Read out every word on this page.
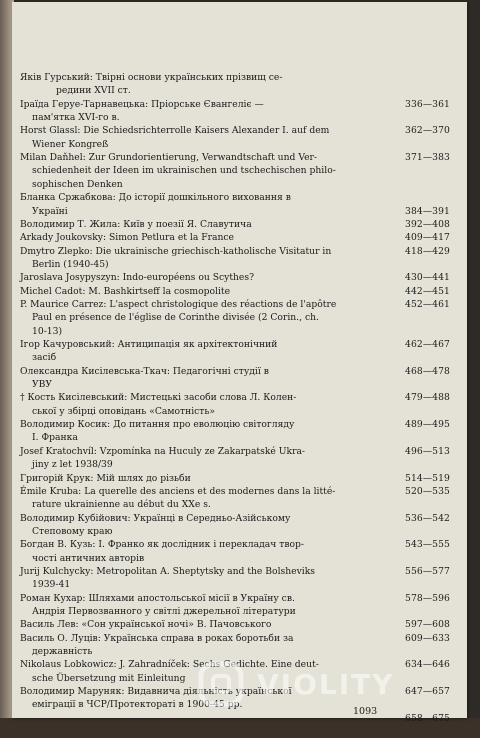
Яків Гурський: Твірні основи українських прізвищ се-
редини XVII ст.
Іраїда Геруе-Тарнавецька: Пріорське Євангеліє —	336—361
пам'ятка XVI-го в.
Horst Glassl: Die Schiedsrichterrolle Kaisers Alexander I. auf dem	362—370
Wiener Kongreß
Milan Daňhel: Zur Grundorientierung, Verwandtschaft und Ver-	371—383
schiedenheit der Ideen im ukrainischen und tschechischen philo-
sophischen Denken
Бланка Сржабкова: До історії дошкільного виховання в
Україні	384—391
Володимир Т. Жила: Київ у поезії Я. Славутича	392—408
Arkady Joukovsky: Simon Petlura et la France	409—417
Dmytro Zlepko: Die ukrainische griechisch-katholische Visitatur in	418—429
Berlin (1940-45)
Jaroslava Josypyszyn: Indo-européens ou Scythes?	430—441
Michel Cadot: M. Bashkirtseff la cosmopolite	442—451
P. Maurice Carrez: L'aspect christologique des réactions de l'apôtre	452—461
Paul en présence de l'église de Corinthe divisée (2 Corin., ch.
10-13)
Ігор Качуровський: Антиципація як архітектонічний	462—467
засіб
Олександра Кисілевська-Ткач: Педагогічні студії в	468—478
УВУ
† Кость Кисілевський: Мистецькі засоби слова Л. Колен-	479—488
ської у збірці оповідань «Самотність»
Володимир Косик: До питання про еволюцію світогляду	489—495
І. Франка
Josef Kratochvíl: Vzpomínka na Huculy ze Zakarpatské Ukra-	496—513
jiny z let 1938/39
Григорій Крук: Мій шлях до різьби	514—519
Émile Kruba: La querelle des anciens et des modernes dans la litté-	520—535
rature ukrainienne au début du XXe s.
Володимир Кубійович: Українці в Середньо-Азійському	536—542
Степовому краю
Богдан В. Кузь: І. Франко як дослідник і перекладач твор-	543—555
чості античних авторів
Jurij Kulchycky: Metropolitan A. Sheptytsky and the Bolsheviks	556—577
1939-41
Роман Кухар: Шляхами апостольської місії в Україну св.	578—596
Андрія Первозванного у світлі джерельної літератури
Василь Лев: «Сон української ночі» В. Пачовського	597—608
Василь О. Луців: Українська справа в роках боротьби за	609—633
державність
Nikolaus Lobkowicz: J. Zahradníček: Sechs Gedichte. Eine deut-	634—646
sche Übersetzung mit Einleitung
Володимир Маруняк: Видавнича діяльність української	647—657
еміграції в ЧСР/Протектораті в 1900-45 рр.
658—675
1093
VIOLITY
